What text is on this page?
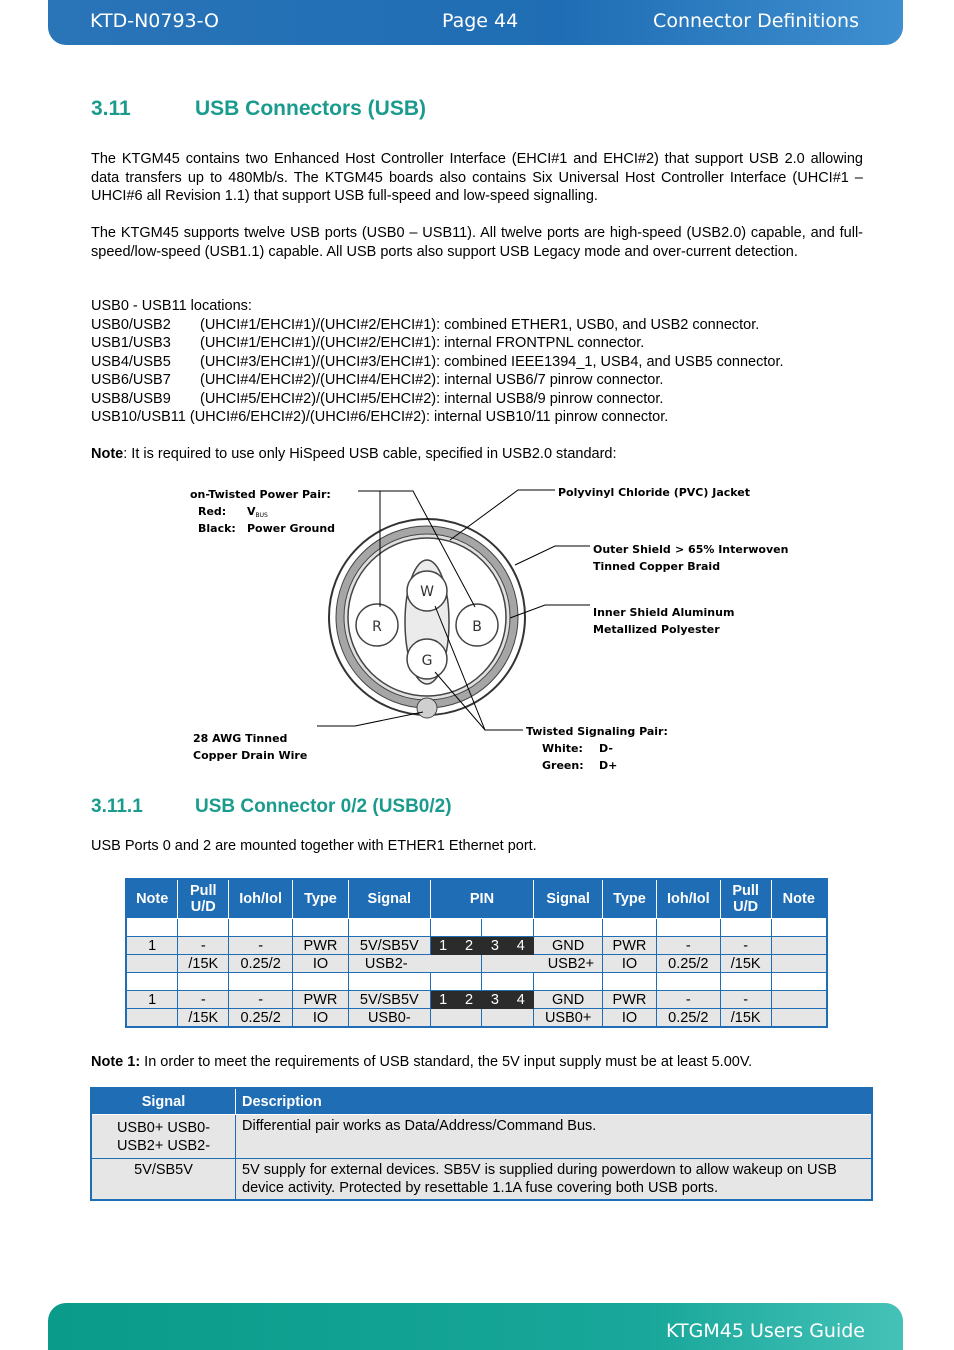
KTD-N0793-O	Page 44	Connector Definitions
3.11	USB Connectors (USB)
The KTGM45 contains two Enhanced Host Controller Interface (EHCI#1 and EHCI#2) that support USB 2.0 allowing data transfers up to 480Mb/s. The KTGM45 boards also contains Six Universal Host Controller Interface (UHCI#1 – UHCI#6 all Revision 1.1) that support USB full-speed and low-speed signalling.
The KTGM45 supports twelve USB ports (USB0 – USB11). All twelve ports are high-speed (USB2.0) capable, and full-speed/low-speed (USB1.1) capable. All USB ports also support USB Legacy mode and over-current detection.
USB0 - USB11 locations:
USB0/USB2 (UHCI#1/EHCI#1)/(UHCI#2/EHCI#1): combined ETHER1, USB0, and USB2 connector.
USB1/USB3 (UHCI#1/EHCI#1)/(UHCI#2/EHCI#1): internal FRONTPNL connector.
USB4/USB5 (UHCI#3/EHCI#1)/(UHCI#3/EHCI#1): combined IEEE1394_1, USB4, and USB5 connector.
USB6/USB7 (UHCI#4/EHCI#2)/(UHCI#4/EHCI#2): internal USB6/7 pinrow connector.
USB8/USB9 (UHCI#5/EHCI#2)/(UHCI#5/EHCI#2): internal USB8/9 pinrow connector.
USB10/USB11 (UHCI#6/EHCI#2)/(UHCI#6/EHCI#2): internal USB10/11 pinrow connector.
Note: It is required to use only HiSpeed USB cable, specified in USB2.0 standard:
W
R	B
G
on-Twisted Power Pair:
Red: VBUS
Black: Power Ground
Polyvinyl Chloride (PVC) Jacket
Outer Shield > 65% Interwoven
Tinned Copper Braid
Inner Shield Aluminum
Metallized Polyester
28 AWG Tinned
Copper Drain Wire
Twisted Signaling Pair:
White: D-
Green: D+
3.11.1	USB Connector 0/2 (USB0/2)
USB Ports 0 and 2 are mounted together with ETHER1 Ethernet port.
Note	Pull U/D	Ioh/Iol	Type	Signal	PIN				Signal	Type	Ioh/Iol	Pull U/D	Note

1	-	-	PWR	5V/SB5V	1	2	3	4	GND	PWR	-	-	
	/15K	0.25/2	IO	USB2-			USB2+			IO	0.25/2	/15K	

1	-	-	PWR	5V/SB5V	1	2	3	4	GND	PWR	-	-	
	/15K	0.25/2	IO	USB0-					USB0+	IO	0.25/2	/15K	
Note 1: In order to meet the requirements of USB standard, the 5V input supply must be at least 5.00V.
Signal	Description

USB0+ USB0-
USB2+ USB2-	Differential pair works as Data/Address/Command Bus.

5V/SB5V	5V supply for external devices. SB5V is supplied during powerdown to allow wakeup on USB device activity. Protected by resettable 1.1A fuse covering both USB ports.
KTGM45 Users Guide
